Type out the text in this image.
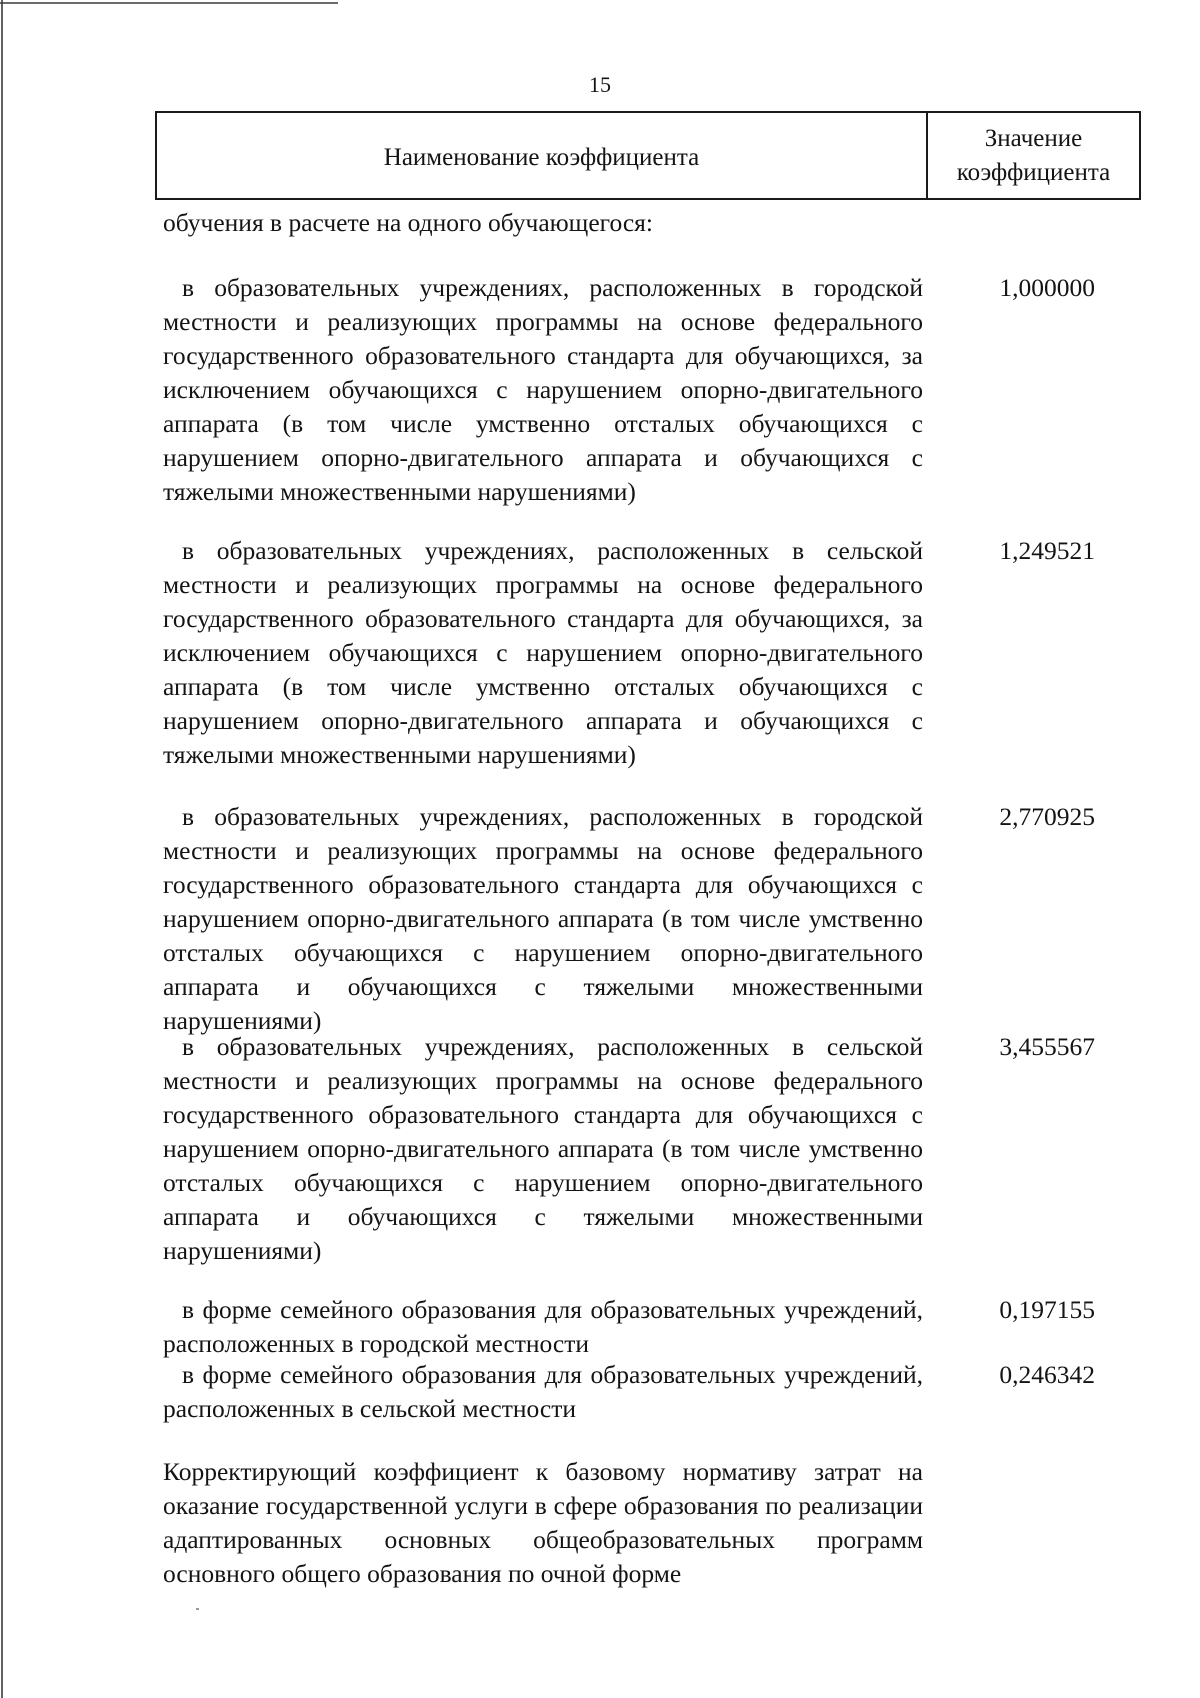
15
Наименование коэффициента
Значение
коэффициента
обучения в расчете на одного обучающегося:
в образовательных учреждениях, расположенных в городской местности и реализующих программы на основе федерального государственного образовательного стандарта для обучающихся, за исключением обучающихся с нарушением опорно-двигательного аппарата (в том числе умственно отсталых обучающихся с нарушением опорно-двигательного аппарата и обучающихся с тяжелыми множественными нарушениями)
1,000000
в образовательных учреждениях, расположенных в сельской местности и реализующих программы на основе федерального государственного образовательного стандарта для обучающихся, за исключением обучающихся с нарушением опорно-двигательного аппарата (в том числе умственно отсталых обучающихся с нарушением опорно-двигательного аппарата и обучающихся с тяжелыми множественными нарушениями)
1,249521
в образовательных учреждениях, расположенных в городской местности и реализующих программы на основе федерального государственного образовательного стандарта для обучающихся с нарушением опорно-двигательного аппарата (в том числе умственно отсталых обучающихся с нарушением опорно-двигательного аппарата и обучающихся с тяжелыми множественными нарушениями)
2,770925
в образовательных учреждениях, расположенных в сельской местности и реализующих программы на основе федерального государственного образовательного стандарта для обучающихся с нарушением опорно-двигательного аппарата (в том числе умственно отсталых обучающихся с нарушением опорно-двигательного аппарата и обучающихся с тяжелыми множественными нарушениями)
3,455567
в форме семейного образования для образовательных учреждений, расположенных в городской местности
0,197155
в форме семейного образования для образовательных учреждений, расположенных в сельской местности
0,246342
Корректирующий коэффициент к базовому нормативу затрат на оказание государственной услуги в сфере образования по реализации адаптированных основных общеобразовательных программ основного общего образования по очной форме
